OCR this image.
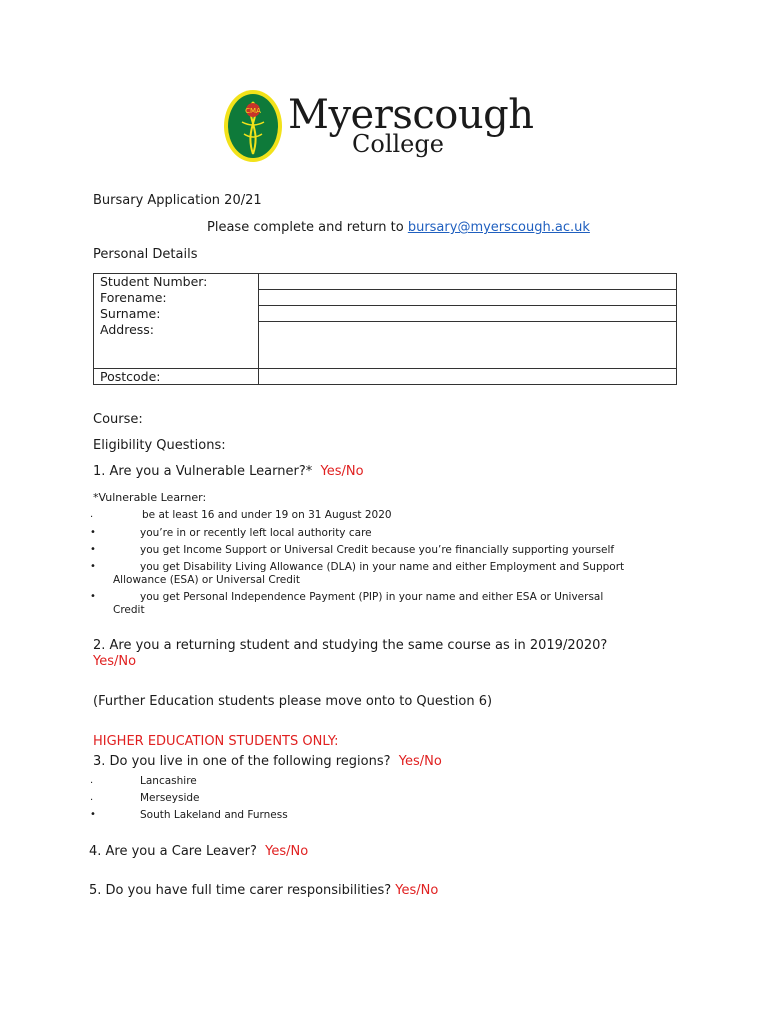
CMA Myerscough
College
Bursary Application 20/21
Please complete and return to bursary@myerscough.ac.uk
Personal Details
Student Number:	
Forename:	
Surname:	
Address:	
Postcode:	
Course:
Eligibility Questions:
1. Are you a Vulnerable Learner?* Yes/No
*Vulnerable Learner:
.	be at least 16 and under 19 on 31 August 2020
•	you’re in or recently left local authority care
•	you get Income Support or Universal Credit because you’re financially supporting yourself
•	you get Disability Living Allowance (DLA) in your name and either Employment and Support
Allowance (ESA) or Universal Credit
•	you get Personal Independence Payment (PIP) in your name and either ESA or Universal
Credit
2. Are you a returning student and studying the same course as in 2019/2020?
Yes/No
(Further Education students please move onto to Question 6)
HIGHER EDUCATION STUDENTS ONLY:
3. Do you live in one of the following regions? Yes/No
.	Lancashire
.	Merseyside
•	South Lakeland and Furness
4. Are you a Care Leaver? Yes/No
5. Do you have full time carer responsibilities? Yes/No
